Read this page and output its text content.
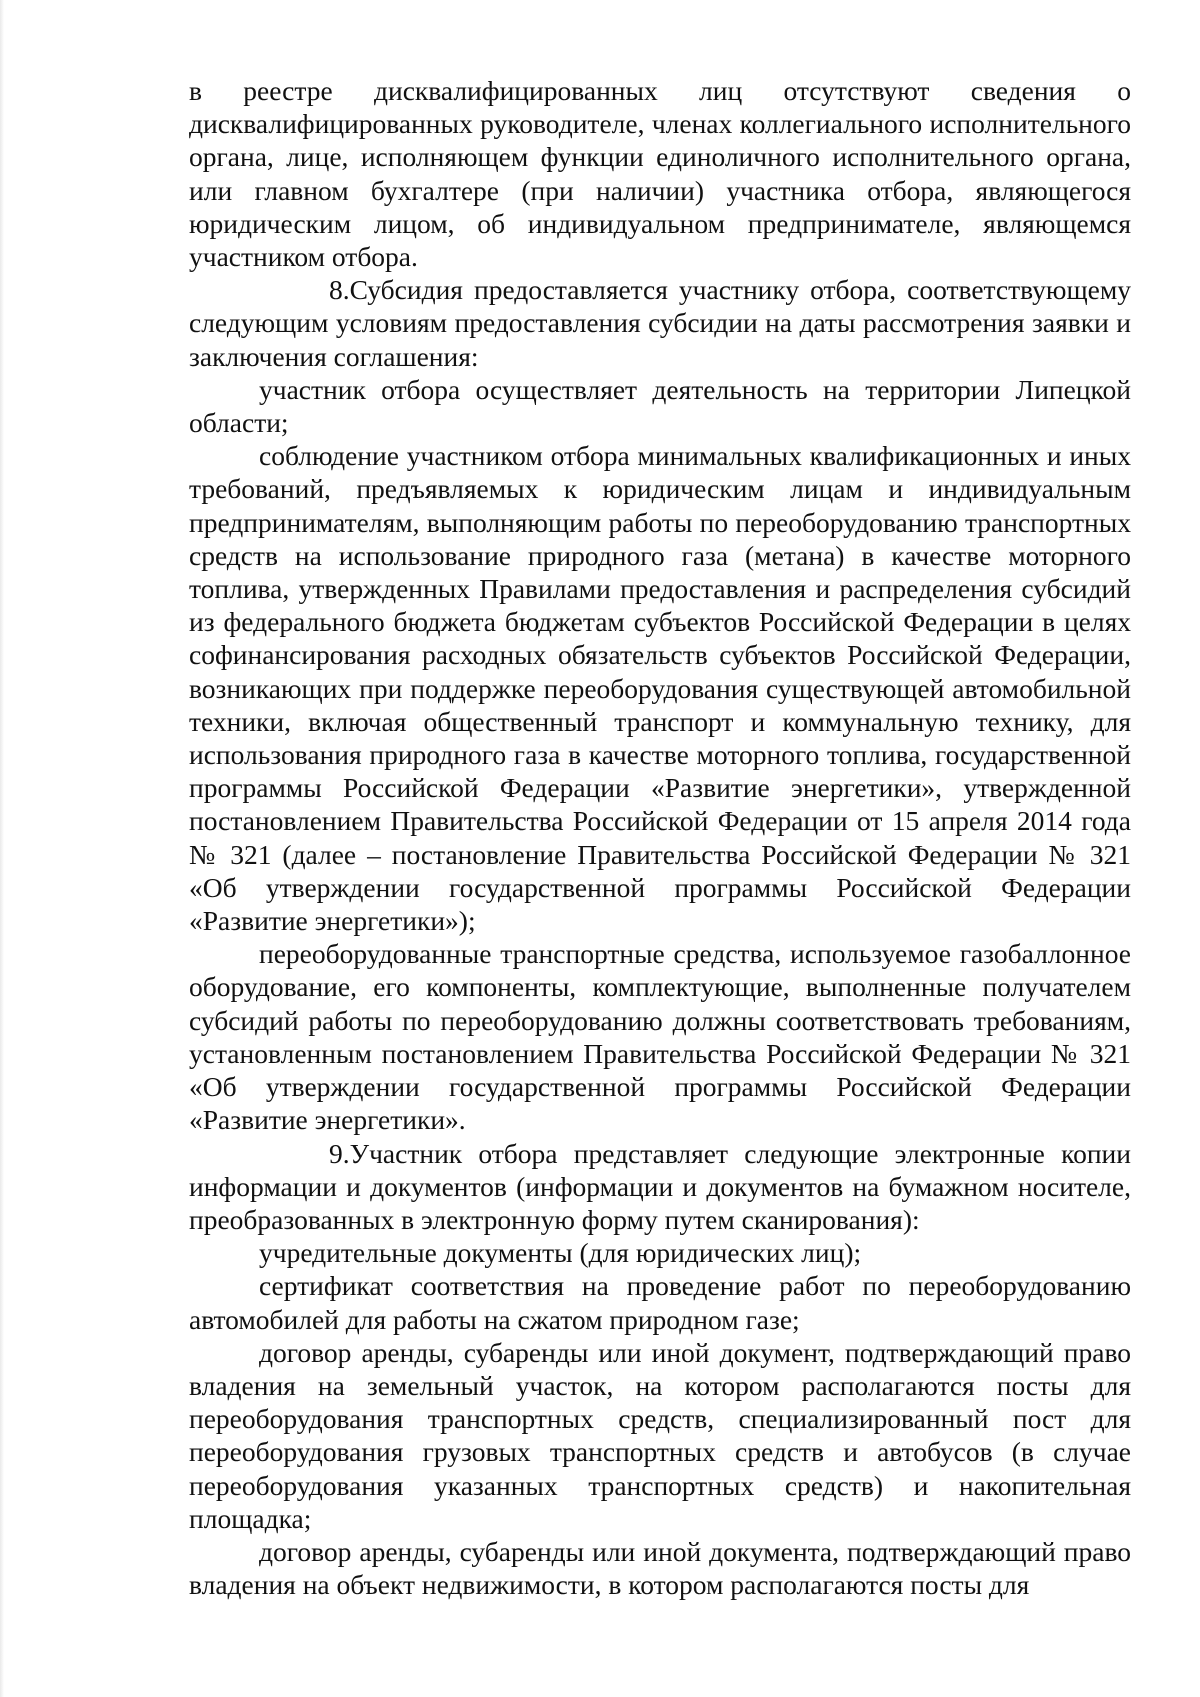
в реестре дисквалифицированных лиц отсутствуют сведения о дисквалифицированных руководителе, членах коллегиального исполнительного органа, лице, исполняющем функции единоличного исполнительного органа, или главном бухгалтере (при наличии) участника отбора, являющегося юридическим лицом, об индивидуальном предпринимателе, являющемся участником отбора.

8.Субсидия предоставляется участнику отбора, соответствующему следующим условиям предоставления субсидии на даты рассмотрения заявки и заключения соглашения:

участник отбора осуществляет деятельность на территории Липецкой области;

соблюдение участником отбора минимальных квалификационных и иных требований, предъявляемых к юридическим лицам и индивидуальным предпринимателям, выполняющим работы по переоборудованию транспортных средств на использование природного газа (метана) в качестве моторного топлива, утвержденных Правилами предоставления и распределения субсидий из федерального бюджета бюджетам субъектов Российской Федерации в целях софинансирования расходных обязательств субъектов Российской Федерации, возникающих при поддержке переоборудования существующей автомобильной техники, включая общественный транспорт и коммунальную технику, для использования природного газа в качестве моторного топлива, государственной программы Российской Федерации «Развитие энергетики», утвержденной постановлением Правительства Российской Федерации от 15 апреля 2014 года № 321 (далее – постановление Правительства Российской Федерации № 321 «Об утверждении государственной программы Российской Федерации «Развитие энергетики»);

переоборудованные транспортные средства, используемое газобаллонное оборудование, его компоненты, комплектующие, выполненные получателем субсидий работы по переоборудованию должны соответствовать требованиям, установленным постановлением Правительства Российской Федерации № 321 «Об утверждении государственной программы Российской Федерации «Развитие энергетики».

9.Участник отбора представляет следующие электронные копии информации и документов (информации и документов на бумажном носителе, преобразованных в электронную форму путем сканирования):

учредительные документы (для юридических лиц);

сертификат соответствия на проведение работ по переоборудованию автомобилей для работы на сжатом природном газе;

договор аренды, субаренды или иной документ, подтверждающий право владения на земельный участок, на котором располагаются посты для переоборудования транспортных средств, специализированный пост для переоборудования грузовых транспортных средств и автобусов (в случае переоборудования указанных транспортных средств) и накопительная площадка;

договор аренды, субаренды или иной документа, подтверждающий право владения на объект недвижимости, в котором располагаются посты для
